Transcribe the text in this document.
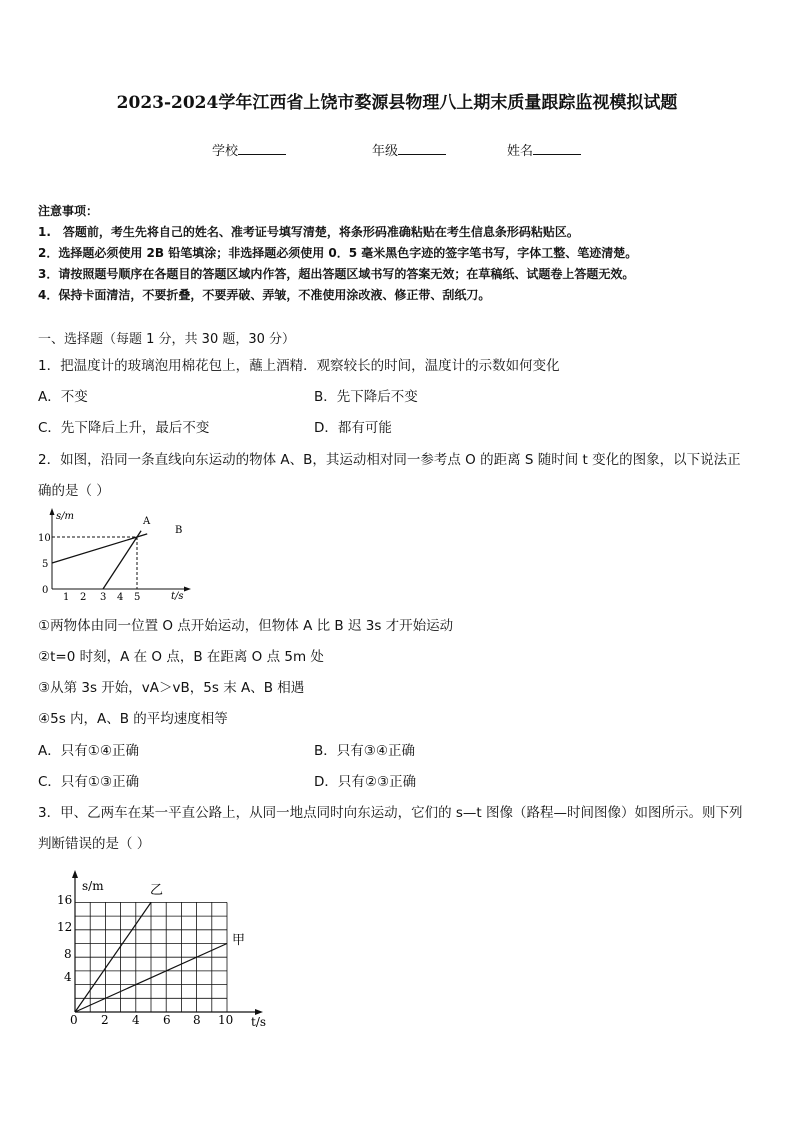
2023-2024学年江西省上饶市婺源县物理八上期末质量跟踪监视模拟试题
学校	年级	姓名
注意事项：
1.　答题前，考生先将自己的姓名、准考证号填写清楚，将条形码准确粘贴在考生信息条形码粘贴区。
2．选择题必须使用 2B 铅笔填涂；非选择题必须使用 0．5 毫米黑色字迹的签字笔书写，字体工整、笔迹清楚。
3．请按照题号顺序在各题目的答题区域内作答，超出答题区域书写的答案无效；在草稿纸、试题卷上答题无效。
4．保持卡面清洁，不要折叠，不要弄破、弄皱，不准使用涂改液、修正带、刮纸刀。
一、选择题（每题 1 分，共 30 题，30 分）
1．把温度计的玻璃泡用棉花包上，蘸上酒精．观察较长的时间，温度计的示数如何变化
A．不变	B．先下降后不变
C．先下降后上升，最后不变	D．都有可能
2．如图，沿同一条直线向东运动的物体 A、B，其运动相对同一参考点 O 的距离 S 随时间 t 变化的图象，以下说法正
确的是（ ）
s/m
t/s
0
5
10
1 2 3 4 5
A
B
①两物体由同一位置 O 点开始运动，但物体 A 比 B 迟 3s 才开始运动
②t=0 时刻，A 在 O 点，B 在距离 O 点 5m 处
③从第 3s 开始，vA＞vB，5s 末 A、B 相遇
④5s 内，A、B 的平均速度相等
A．只有①④正确	B．只有③④正确
C．只有①③正确	D．只有②③正确
3．甲、乙两车在某一平直公路上，从同一地点同时向东运动，它们的 s—t 图像（路程—时间图像）如图所示。则下列
判断错误的是（ ）
s/m
t/s
4
8
12
16
0 2 4 6 8 10
乙
甲
